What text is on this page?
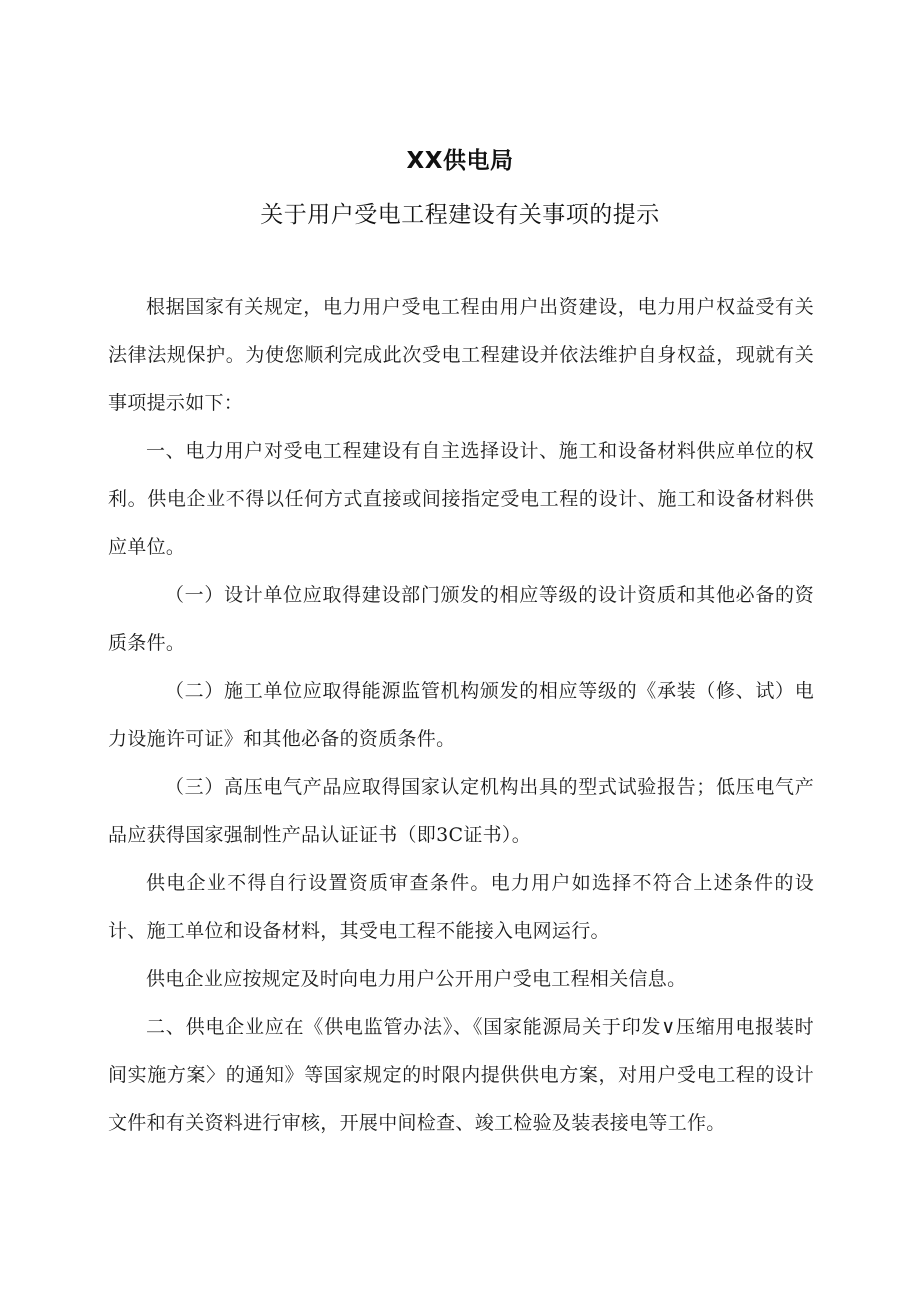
XX供电局
关于用户受电工程建设有关事项的提示

根据国家有关规定，电力用户受电工程由用户出资建设，电力用户权益受有关法律法规保护。为使您顺利完成此次受电工程建设并依法维护自身权益，现就有关事项提示如下：

一、电力用户对受电工程建设有自主选择设计、施工和设备材料供应单位的权利。供电企业不得以任何方式直接或间接指定受电工程的设计、施工和设备材料供应单位。

（一）设计单位应取得建设部门颁发的相应等级的设计资质和其他必备的资质条件。

（二）施工单位应取得能源监管机构颁发的相应等级的《承装（修、试）电力设施许可证》和其他必备的资质条件。

（三）高压电气产品应取得国家认定机构出具的型式试验报告；低压电气产品应获得国家强制性产品认证证书（即3C证书）。

供电企业不得自行设置资质审查条件。电力用户如选择不符合上述条件的设计、施工单位和设备材料，其受电工程不能接入电网运行。

供电企业应按规定及时向电力用户公开用户受电工程相关信息。

二、供电企业应在《供电监管办法》、《国家能源局关于印发∨压缩用电报装时间实施方案〉的通知》等国家规定的时限内提供供电方案，对用户受电工程的设计文件和有关资料进行审核，开展中间检查、竣工检验及装表接电等工作。
